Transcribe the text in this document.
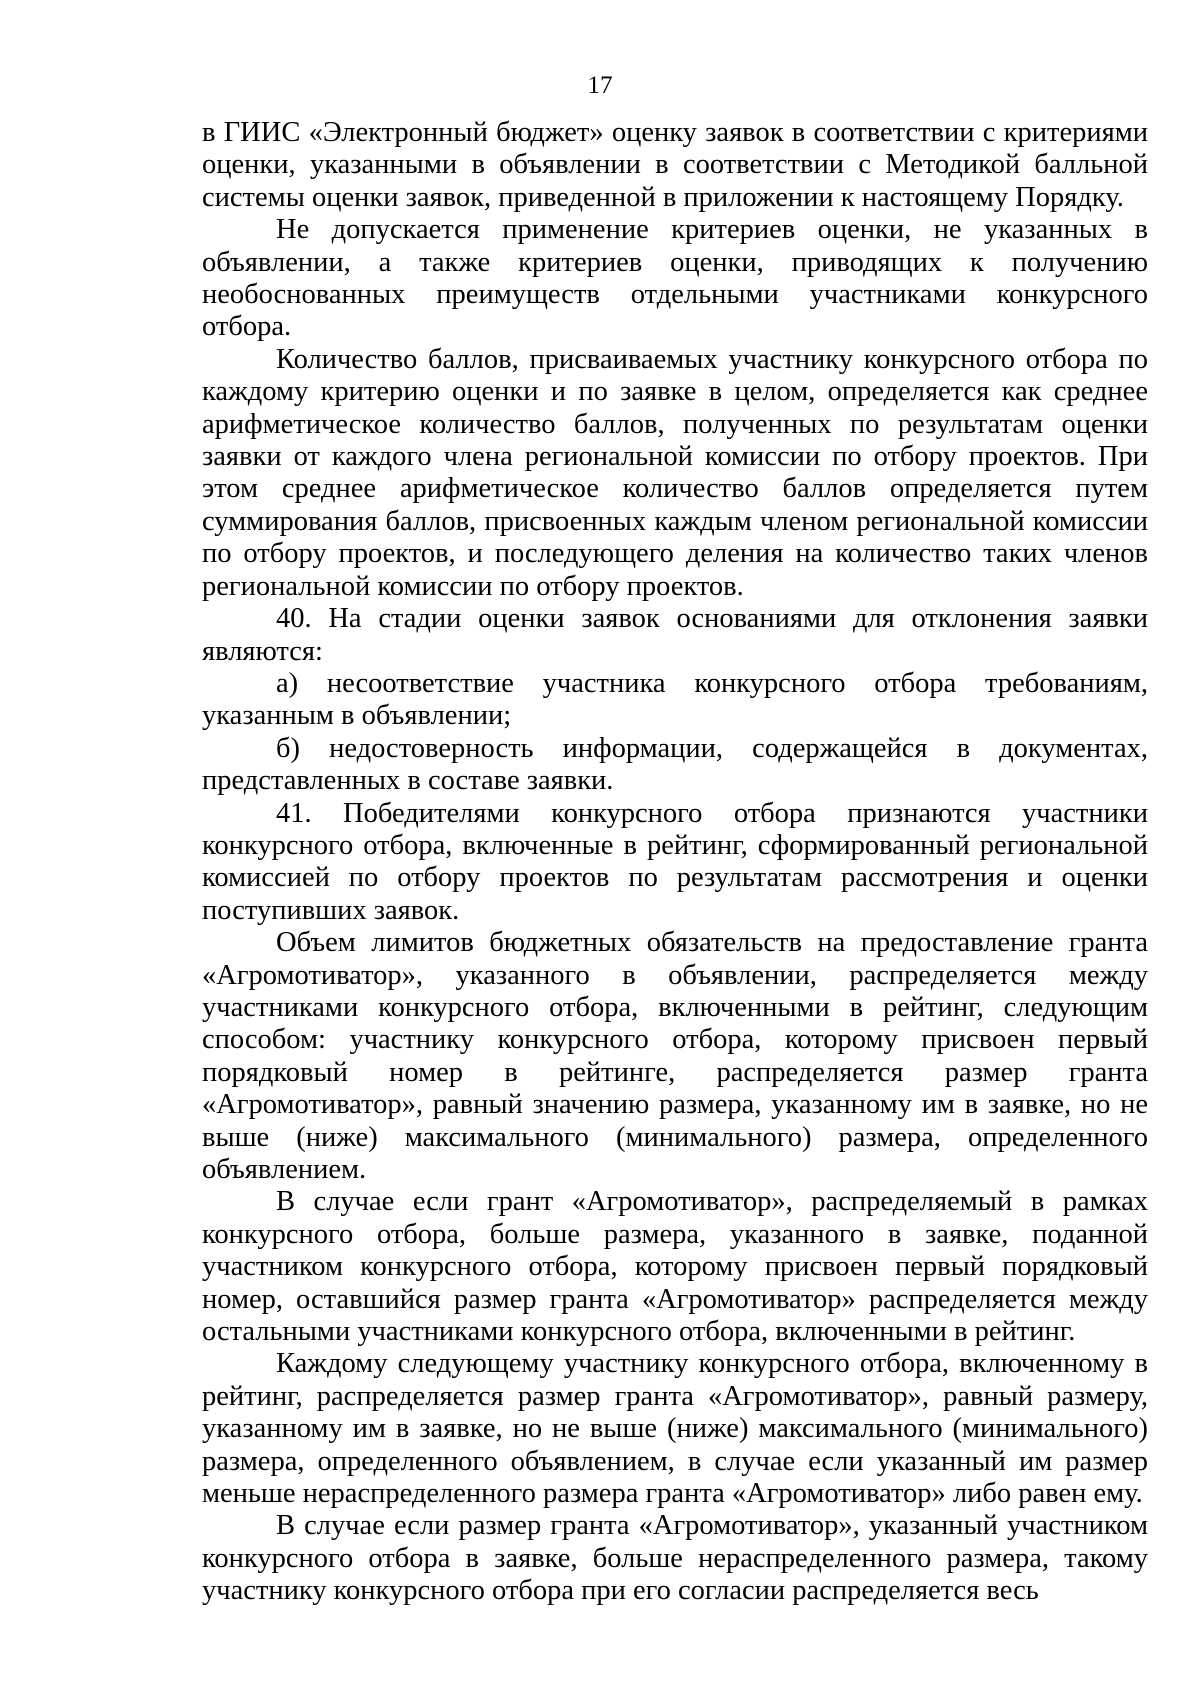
17

в ГИИС «Электронный бюджет» оценку заявок в соответствии с критериями оценки, указанными в объявлении в соответствии с Методикой балльной системы оценки заявок, приведенной в приложении к настоящему Порядку.

Не допускается применение критериев оценки, не указанных в объявлении, а также критериев оценки, приводящих к получению необоснованных преимуществ отдельными участниками конкурсного отбора.

Количество баллов, присваиваемых участнику конкурсного отбора по каждому критерию оценки и по заявке в целом, определяется как среднее арифметическое количество баллов, полученных по результатам оценки заявки от каждого члена региональной комиссии по отбору проектов. При этом среднее арифметическое количество баллов определяется путем суммирования баллов, присвоенных каждым членом региональной комиссии по отбору проектов, и последующего деления на количество таких членов региональной комиссии по отбору проектов.

40. На стадии оценки заявок основаниями для отклонения заявки являются:

а) несоответствие участника конкурсного отбора требованиям, указанным в объявлении;

б) недостоверность информации, содержащейся в документах, представленных в составе заявки.

41. Победителями конкурсного отбора признаются участники конкурсного отбора, включенные в рейтинг, сформированный региональной комиссией по отбору проектов по результатам рассмотрения и оценки поступивших заявок.

Объем лимитов бюджетных обязательств на предоставление гранта «Агромотиватор», указанного в объявлении, распределяется между участниками конкурсного отбора, включенными в рейтинг, следующим способом: участнику конкурсного отбора, которому присвоен первый порядковый номер в рейтинге, распределяется размер гранта «Агромотиватор», равный значению размера, указанному им в заявке, но не выше (ниже) максимального (минимального) размера, определенного объявлением.

В случае если грант «Агромотиватор», распределяемый в рамках конкурсного отбора, больше размера, указанного в заявке, поданной участником конкурсного отбора, которому присвоен первый порядковый номер, оставшийся размер гранта «Агромотиватор» распределяется между остальными участниками конкурсного отбора, включенными в рейтинг.

Каждому следующему участнику конкурсного отбора, включенному в рейтинг, распределяется размер гранта «Агромотиватор», равный размеру, указанному им в заявке, но не выше (ниже) максимального (минимального) размера, определенного объявлением, в случае если указанный им размер меньше нераспределенного размера гранта «Агромотиватор» либо равен ему.

В случае если размер гранта «Агромотиватор», указанный участником конкурсного отбора в заявке, больше нераспределенного размера, такому участнику конкурсного отбора при его согласии распределяется весь
